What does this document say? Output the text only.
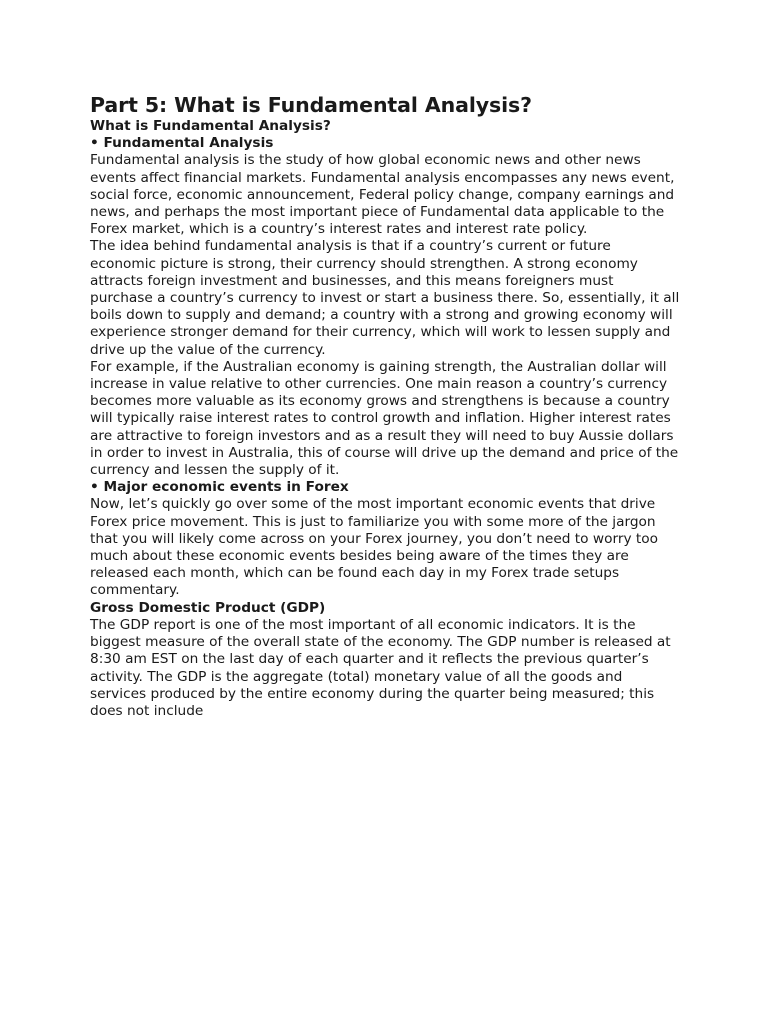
Part 5: What is Fundamental Analysis?

What is Fundamental Analysis?

• Fundamental Analysis

Fundamental analysis is the study of how global economic news and other news events affect financial markets. Fundamental analysis encompasses any news event, social force, economic announcement, Federal policy change, company earnings and news, and perhaps the most important piece of Fundamental data applicable to the Forex market, which is a country’s interest rates and interest rate policy.

The idea behind fundamental analysis is that if a country’s current or future economic picture is strong, their currency should strengthen. A strong economy attracts foreign investment and businesses, and this means foreigners must purchase a country’s currency to invest or start a business there. So, essentially, it all boils down to supply and demand; a country with a strong and growing economy will experience stronger demand for their currency, which will work to lessen supply and drive up the value of the currency.

For example, if the Australian economy is gaining strength, the Australian dollar will increase in value relative to other currencies. One main reason a country’s currency becomes more valuable as its economy grows and strengthens is because a country will typically raise interest rates to control growth and inflation. Higher interest rates are attractive to foreign investors and as a result they will need to buy Aussie dollars in order to invest in Australia, this of course will drive up the demand and price of the currency and lessen the supply of it.

• Major economic events in Forex

Now, let’s quickly go over some of the most important economic events that drive Forex price movement. This is just to familiarize you with some more of the jargon that you will likely come across on your Forex journey, you don’t need to worry too much about these economic events besides being aware of the times they are released each month, which can be found each day in my Forex trade setups commentary.

Gross Domestic Product (GDP)

The GDP report is one of the most important of all economic indicators. It is the biggest measure of the overall state of the economy. The GDP number is released at 8:30 am EST on the last day of each quarter and it reflects the previous quarter’s activity. The GDP is the aggregate (total) monetary value of all the goods and services produced by the entire economy during the quarter being measured; this does not include
